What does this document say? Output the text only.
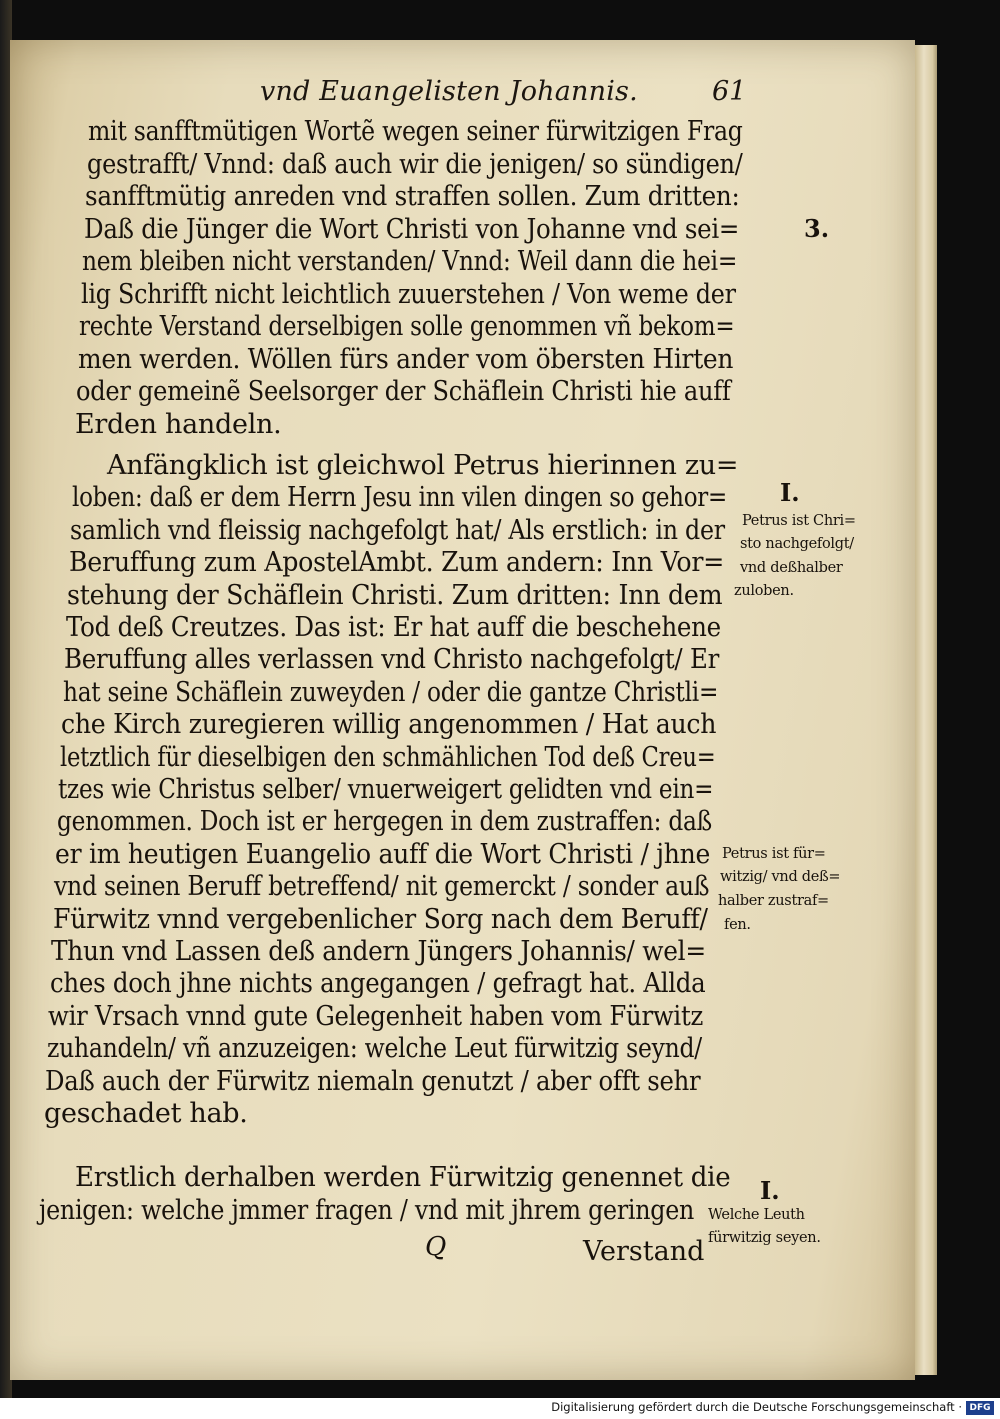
vnd Euangelisten Johannis.	61
mit sanfftmütigen Wortẽ wegen seiner fürwitzigen Frag
gestrafft/ Vnnd: daß auch wir die jenigen/ so sündigen/
sanfftmütig anreden vnd straffen sollen. Zum dritten:
Daß die Jünger die Wort Christi von Johanne vnd sei=
nem bleiben nicht verstanden/ Vnnd: Weil dann die hei=
lig Schrifft nicht leichtlich zuuerstehen / Von weme der
rechte Verstand derselbigen solle genommen vñ bekom=
men werden. Wöllen fürs ander vom öbersten Hirten
oder gemeinẽ Seelsorger der Schäflein Christi hie auff
Erden handeln.
Anfängklich ist gleichwol Petrus hierinnen zu=
loben: daß er dem Herrn Jesu inn vilen dingen so gehor=
samlich vnd fleissig nachgefolgt hat/ Als erstlich: in der
Beruffung zum ApostelAmbt. Zum andern: Inn Vor=
stehung der Schäflein Christi. Zum dritten: Inn dem
Tod deß Creutzes. Das ist: Er hat auff die beschehene
Beruffung alles verlassen vnd Christo nachgefolgt/ Er
hat seine Schäflein zuweyden / oder die gantze Christli=
che Kirch zuregieren willig angenommen / Hat auch
letztlich für dieselbigen den schmählichen Tod deß Creu=
tzes wie Christus selber/ vnuerweigert gelidten vnd ein=
genommen. Doch ist er hergegen in dem zustraffen: daß
er im heutigen Euangelio auff die Wort Christi / jhne
vnd seinen Beruff betreffend/ nit gemerckt / sonder auß
Fürwitz vnnd vergebenlicher Sorg nach dem Beruff/
Thun vnd Lassen deß andern Jüngers Johannis/ wel=
ches doch jhne nichts angegangen / gefragt hat. Allda
wir Vrsach vnnd gute Gelegenheit haben vom Fürwitz
zuhandeln/ vñ anzuzeigen: welche Leut fürwitzig seynd/
Daß auch der Fürwitz niemaln genutzt / aber offt sehr
geschadet hab.
Erstlich derhalben werden Fürwitzig genennet die
jenigen: welche jmmer fragen / vnd mit jhrem geringen
3.
I.
I.
Petrus ist Chri=
sto nachgefolgt/
vnd deßhalber
zuloben.
Petrus ist für=
witzig/ vnd deß=
halber zustraf=
fen.
Welche Leuth
fürwitzig seyen.
Q	Verstand
Digitalisierung gefördert durch die Deutsche Forschungsgemeinschaft · DFG
